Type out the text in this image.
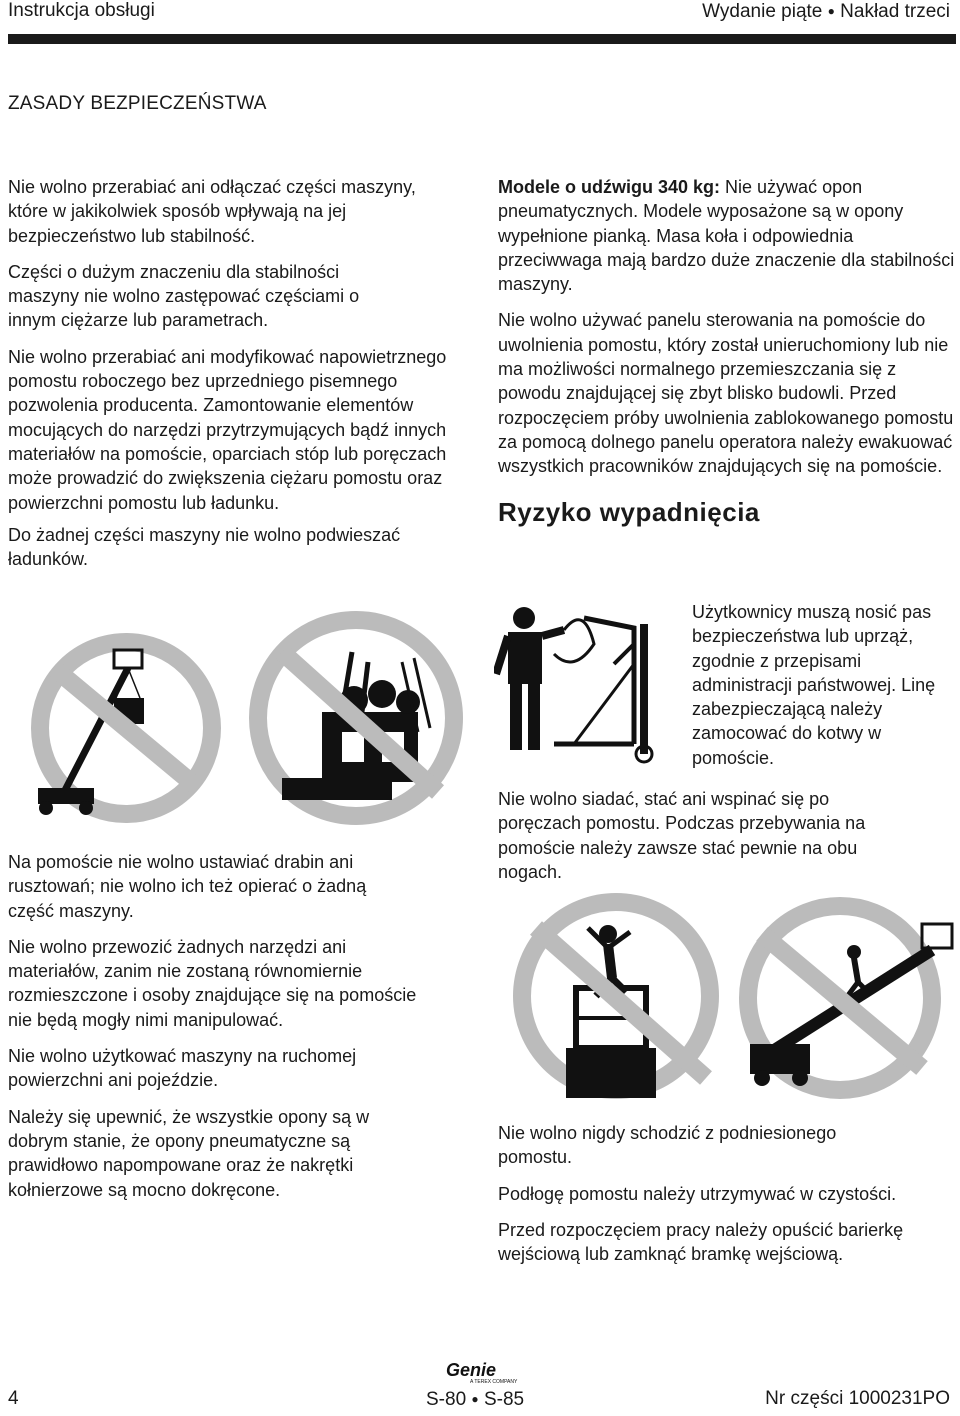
Instrukcja obsługi	Wydanie piąte ● Nakład trzeci
ZASADY BEZPIECZEŃSTWA

Nie wolno przerabiać ani odłączać części maszyny, które w jakikolwiek sposób wpływają na jej bezpieczeństwo lub stabilność.

Części o dużym znaczeniu dla stabilności maszyny nie wolno zastępować częściami o innym ciężarze lub parametrach.

Nie wolno przerabiać ani modyfikować napowietrznego pomostu roboczego bez uprzedniego pisemnego pozwolenia producenta. Zamontowanie elementów mocujących do narzędzi przytrzymujących bądź innych materiałów na pomoście, oparciach stóp lub poręczach może prowadzić do zwiększenia ciężaru pomostu oraz powierzchni pomostu lub ładunku.

Do żadnej części maszyny nie wolno podwieszać ładunków.

Na pomoście nie wolno ustawiać drabin ani rusztowań; nie wolno ich też opierać o żadną część maszyny.

Nie wolno przewozić żadnych narzędzi ani materiałów, zanim nie zostaną równomiernie rozmieszczone i osoby znajdujące się na pomoście nie będą mogły nimi manipulować.

Nie wolno użytkować maszyny na ruchomej powierzchni ani pojeździe.

Należy się upewnić, że wszystkie opony są w dobrym stanie, że opony pneumatyczne są prawidłowo napompowane oraz że nakrętki kołnierzowe są mocno dokręcone.

Modele o udźwigu 340 kg: Nie używać opon pneumatycznych. Modele wyposażone są w opony wypełnione pianką. Masa koła i odpowiednia przeciwwaga mają bardzo duże znaczenie dla stabilności maszyny.

Nie wolno używać panelu sterowania na pomoście do uwolnienia pomostu, który został unieruchomiony lub nie ma możliwości normalnego przemieszczania się z powodu znajdującej się zbyt blisko budowli. Przed rozpoczęciem próby uwolnienia zablokowanego pomostu za pomocą dolnego panelu operatora należy ewakuować wszystkich pracowników znajdujących się na pomoście.

Ryzyko wypadnięcia

Użytkownicy muszą nosić pas bezpieczeństwa lub uprząż, zgodnie z przepisami administracji państwowej. Linę zabezpieczającą należy zamocować do kotwy w pomoście.

Nie wolno siadać, stać ani wspinać się po poręczach pomostu. Podczas przebywania na pomoście należy zawsze stać pewnie na obu nogach.

Nie wolno nigdy schodzić z podniesionego pomostu.

Podłogę pomostu należy utrzymywać w czystości.

Przed rozpoczęciem pracy należy opuścić barierkę wejściową lub zamknąć bramkę wejściową.

Genie
A TEREX COMPANY
4	S-80 ● S-85	Nr części 1000231PO
